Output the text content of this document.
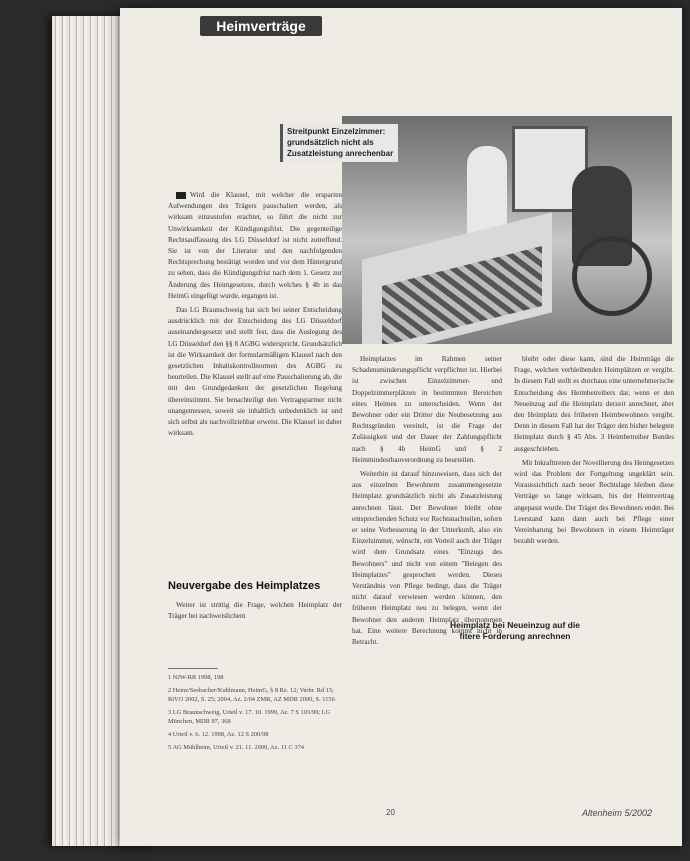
Heimverträge
Streitpunkt Einzelzimmer: grundsätzlich nicht als Zusatzleistung anrechenbar

Wird die Klausel, mit welcher die ersparten Aufwendungen des Trägers pauschaliert werden, als wirksam einzustufen erachtet, so führt die nicht zur Unwirksamkeit der Kündigungsfrist. Die gegenteilige Rechtsauffassung des LG Düsseldorf ist nicht zutreffend. Sie ist von der Literatur und den nachfolgenden Rechtsprechung bestätigt worden und vor dem Hintergrund zu sehen, dass die Kündigungsfrist nach dem 1. Gesetz zur Änderung des Heimgesetzes, durch welches § 4b in das HeimG eingefügt wurde, ergangen ist.

Das LG Braunschweig hat sich bei seiner Entscheidung ausdrücklich mit der Entscheidung des LG Düsseldorf auseinandergesetzt und stellt fest, dass die Auslegung des LG Düsseldorf den §§ 8 AGBG widerspricht. Grundsätzlich ist die Wirksamkeit der formularmäßigen Klausel nach den gesetzlichen Inhaltskontrollnormen des AGBG zu beurteilen. Die Klausel stellt auf eine Pauschalierung ab, die mit den Grundgedanken der gesetzlichen Regelung übereinstimmt. Sie benachteiligt den Vertragspartner nicht unangemessen, soweit sie inhaltlich unbedenklich ist und sich selbst als nachvollziehbar erweist. Die Klausel ist daher wirksam.

Neuvergabe des Heimplatzes

Weiter ist strittig die Frage, welchen Heimplatz der Träger bei nachweislichem

1 NJW-RR 1998, 198
2 Heinz/Seebacher/Kuhlmann, HeimG, § 8 Rz. 12; Verbr. Rd 15; RiVO 2002, S. 25; 2004, Az. 2/04 ZMR, AZ MDR 2000, S. 1156
3 LG Braunschweig, Urteil v. 17. 10. 1999, Az. 7 S 103/99; LG München, MDR 97, 368
4 Urteil v. 6. 12. 1998, Az. 12 S 200/98
5 AG Mühlheim, Urteil v. 21. 11. 2000, Az. 11 C 374

Heimplatzes im Rahmen seiner Schadensminderungspflicht verpflichtet ist. Hierbei ist zwischen Einzelzimmer- und Doppelzimmerplätzen in bestimmten Bereichen eines Heimes zu unterscheiden. Wenn der Bewohner oder ein Dritter die Neubesetzung aus Rechtsgründen vereitelt, ist die Frage der Zulässigkeit und der Dauer der Zahlungspflicht nach § 4b HeimG und § 2 Heimmindestbauverordnung zu beurteilen.

Weiterhin ist darauf hinzuweisen, dass sich der aus einzelnen Bewohnern zusammengesetzte Heimplatz grundsätzlich nicht als Zusatzleistung anrechnen lässt. Der Bewohner bleibt ohne entsprechenden Schutz vor Rechtsnachteilen, sofern er seine Verbesserung in der Unterkunft, also ein Einzelzimmer, wünscht, ein Vorteil auch der Träger wird dem Grundsatz eines "Einzugs des Bewohners" und nicht von einem "Belegen des Heimplatzes" gesprochen werden. Dieses Verständnis von Pflege bedingt, dass die Träger nicht darauf verwiesen werden können, den früheren Heimplatz neu zu belegen, wenn der Bewohner den anderen Heimplatz übernommen hat. Eine weitere Berechnung kommt nicht in Betracht.

Heimplatz bei Neueinzug auf die fitere Forderung anrechnen

bleibt oder diese kann, sind die Heimträge die Frage, welchen verbleibenden Heimplätzen er vergibt. In diesem Fall stellt es durchaus eine unternehmerische Entscheidung des Heimbetreibers dar, wenn er den Neueinzug auf die Heimplatz derzeit anrechnet, aber den Heimplatz des früheren Heimbewohners vergibt. Denn in diesem Fall hat der Träger den bisher belegten Heimplatz durch § 45 Abs. 3 Heimbetreiber Bundes ausgeschrieben.

Mit Inkrafttreten der Novellierung des Heimgesetzes wird das Problem der Fortgeltung ungeklärt sein. Voraussichtlich nach neuer Rechtslage bleiben diese Verträge so lange wirksam, bis der Heimvertrag angepasst wurde. Der Träger des Bewohners endet. Bei Leerstand kann dann auch bei Pflege einer Vereinbarung bei Bewohnern in einem Heimträger bezahlt werden.

20	Altenheim 5/2002
